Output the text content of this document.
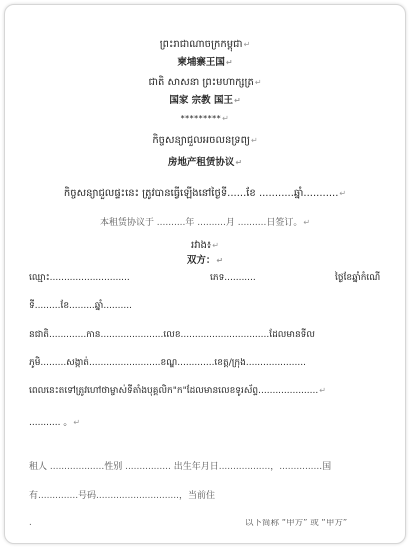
ព្រះរាជាណាចក្រកម្ពុជា↵
柬埔寨王国↵
ជាតិ សាសនា ព្រះមហាក្សត្រ↵
国家 宗教 国王↵
*********↵
កិច្ចសន្យាជួលអចលនទ្រព្យ↵
房地产租赁协议↵
កិច្ចសន្យាជួលផ្ទះនេះ ត្រូវបានធ្វើឡើងនៅថ្ងៃទី......ខែ ...........ឆ្នាំ...........↵
本租赁协议于 ..........年 ..........月 ..........日签订。↵
រវាង៖↵
双方：↵
ឈ្មោះ............................	ភេទ...........	ថ្ងៃខែឆ្នាំកំណើ
ទី.........ខែ.........ឆ្នាំ..........
នជាតិ.............កាន......................លេខ...............................ដែលមានទីល
ភូមិ.........សង្កាត់.........................ខណ្ឌ.............ខេត្ត/ក្រុង.....................
ពេលនេះតទៅត្រូវហៅថាម្ចាស់ទីតាំងបុគ្គលិក"ក"ដែលមានលេខទូរស័ព្ទ.....................↵
........... 。↵
租人 ...................性别 ................ 出生年月日..................，...............国
有..............号码.............................，当前住
以下简称 “甲方” 或 “甲方”
.
